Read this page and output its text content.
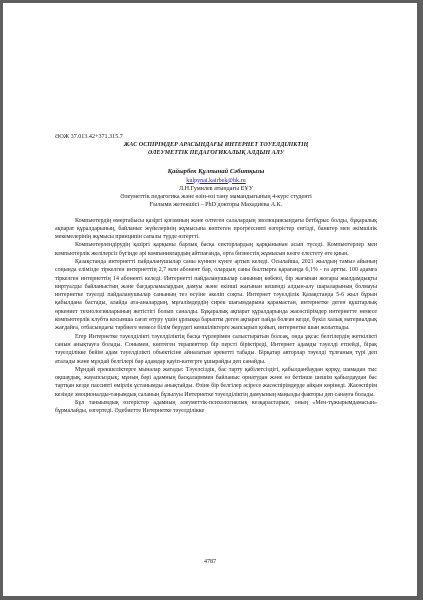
ӘОЖ 37.013.42+371.315.7
ЖАС ОСПІРІМДЕР АРАСЫНДАҒЫ ИНТЕРНЕТ ТӘУЕЛДІЛІКТІҢ
ӘЛЕУМЕТТІК ПЕДАГОГИКАЛЫҚ АЛДЫН АЛУ
Қайырбек Құлпынай Сәбитқызы
kulpynai.kairbek@bk.ru
Л.Н.Гумилев атындағы ЕҰУ
Әлеуметтік педагогика және өзін-өзі тану мамандығының 4-курс студенті
Ғылыми жетекшісі – PhD докторы Махадиева А.К.

Компьютердің өмертабысы қазіргі қоғамның және олтеген салалардың эволюциясындағы бетбұрыс болды, бұқаралық ақпарат құралдарының, байланыс жүйелерінің жұмысына көптеген прогрессивті өзгерістер енгізді, банктер мен әкімшілік мекемелерінің жұмысы принципін сапалы түрде өзгертті.

Компьютерлендірудің қазіргі қарқыны барлық басқа секторлардың қарқынынан асып түседі. Компьютерлер мен компьютерлік желілерсіз бүгінде әрі компаниялардың айтпағанда, орта бизнестің жұмысын көзге елестету өте қиын.

Қазақстанда интернетті пайдаланушылар саны күннен күнге артып келеді. Осылайша, 2021 жылдың тамыз айының соңында елімізде тіркелген интернеттің 2,7 млн абонент бар, олардың саны былтырға қарағанда 6,1% - ға артты. 100 адамға тіркелген интернеттің 14 абоненті келеді. Интернетті пайдаланушылар санының көбеюі, бір жағынан жоғары жылдамдықты виртуалды байланыстың және бағдарламалардың дамуы және екінші жағынан кешенді алдын-алу шараларының болмауы интернетке тәуелді пайдаланушылар санының тез өсуіне әкеліп соқты. Интернет тәуелділік Қазақстанда 5-6 жыл бұрын қабылдана бастады, алайда ата-аналардың, мұғалімдердің сирек шағымдарына қарамастан, интернетке деген құштарлық өркениет технологияларының жетістігі болып саналды. Бұқаралық ақпарат құралдарында жасөспірімдер интернетте немесе компьютерлік клубта косымша сағат өтуру үшін ұрлыққа барыпты деген ақпарат пайда болған кезде, бүкіл халық материалдық жағдайға, отбасындағы тәрбиеге немесе білім берудегі кемшіліктерге жапсырып қойып, интернетке шын жолатпады.

Егер Интернетке тәуелділікті тәуелділіктің басқа түрлерімен салыстыратын болсақ, онда ұқсас белгілердің жеткілікті санын анықтауға болады. Сонымен, көптеген терапевттер бір персті біріктіреді, Интернет адамды тәуелді етпейді, бірақ тәуелділікке бейім адам тәуелділікті объектісіне айналатын әрекетті табады. Бірқатар авторлар тәуелді тұлғаның түрі деп аталады және мұндай белгілері бар адамдар қауіп-категрге ұшырайды деп санайды.

Мұндай ерекшеліктерге мыналар жатады: Тәуелсіздік, бас тарту қабілетсіздігі, қабылданбаудан қорқу, шамадан тыс оқшаудық, жауапсыздық; мұның бәрі адамның басқаларммен байланыс орнатудан және өз бетінше шешім қабылдаудан бас тартқан кезде пассивті өмірлік ұстанымды анықтайды. Өзіне бір белгілер әсіресе жасөспірімдерде айқын көрінеді. Жасөспірім кезінде эмоционалды-таңымдық саланың бұзылуы Интернетке тәуелділіктің дамуының маңызды факторы деп санауға болады.

Бұл таныымдық өзгерістер адамның әлеуметтік-психологиялық кезқарастарын, оның «Мен-тұжырымдамасын» бұрмалайды, өзгертеді. Әдебиетте Интернетке тәуелділікке

4787
